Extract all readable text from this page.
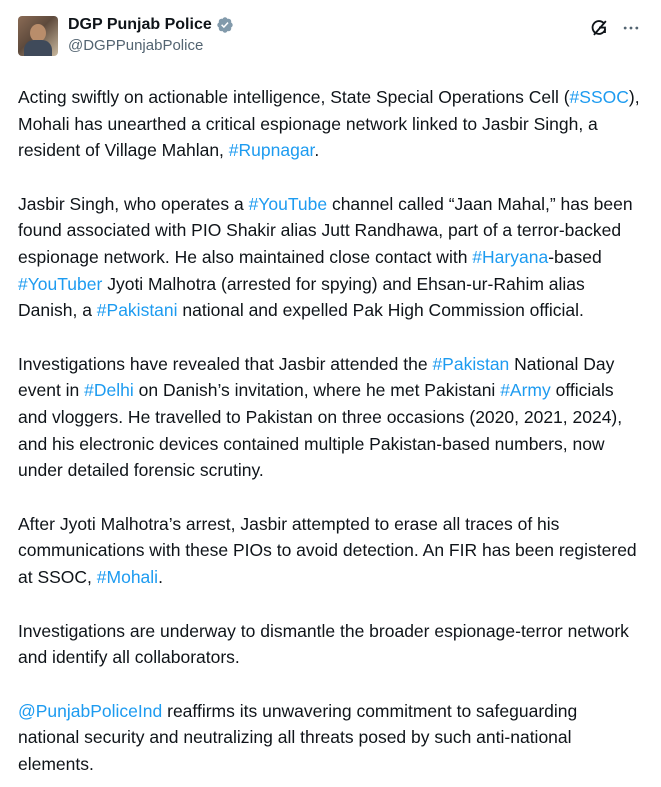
DGP Punjab Police
@DGPPunjabPolice

Acting swiftly on actionable intelligence, State Special Operations Cell (#SSOC), Mohali has unearthed a critical espionage network linked to Jasbir Singh, a resident of Village Mahlan, #Rupnagar.

Jasbir Singh, who operates a #YouTube channel called “Jaan Mahal,” has been found associated with PIO Shakir alias Jutt Randhawa, part of a terror-backed espionage network. He also maintained close contact with #Haryana-based #YouTuber Jyoti Malhotra (arrested for spying) and Ehsan-ur-Rahim alias Danish, a #Pakistani national and expelled Pak High Commission official.

Investigations have revealed that Jasbir attended the #Pakistan National Day event in #Delhi on Danish’s invitation, where he met Pakistani #Army officials and vloggers. He travelled to Pakistan on three occasions (2020, 2021, 2024), and his electronic devices contained multiple Pakistan-based numbers, now under detailed forensic scrutiny.

After Jyoti Malhotra’s arrest, Jasbir attempted to erase all traces of his communications with these PIOs to avoid detection. An FIR has been registered at SSOC, #Mohali.

Investigations are underway to dismantle the broader espionage-terror network and identify all collaborators.

@PunjabPoliceInd reaffirms its unwavering commitment to safeguarding national security and neutralizing all threats posed by such anti-national elements.
